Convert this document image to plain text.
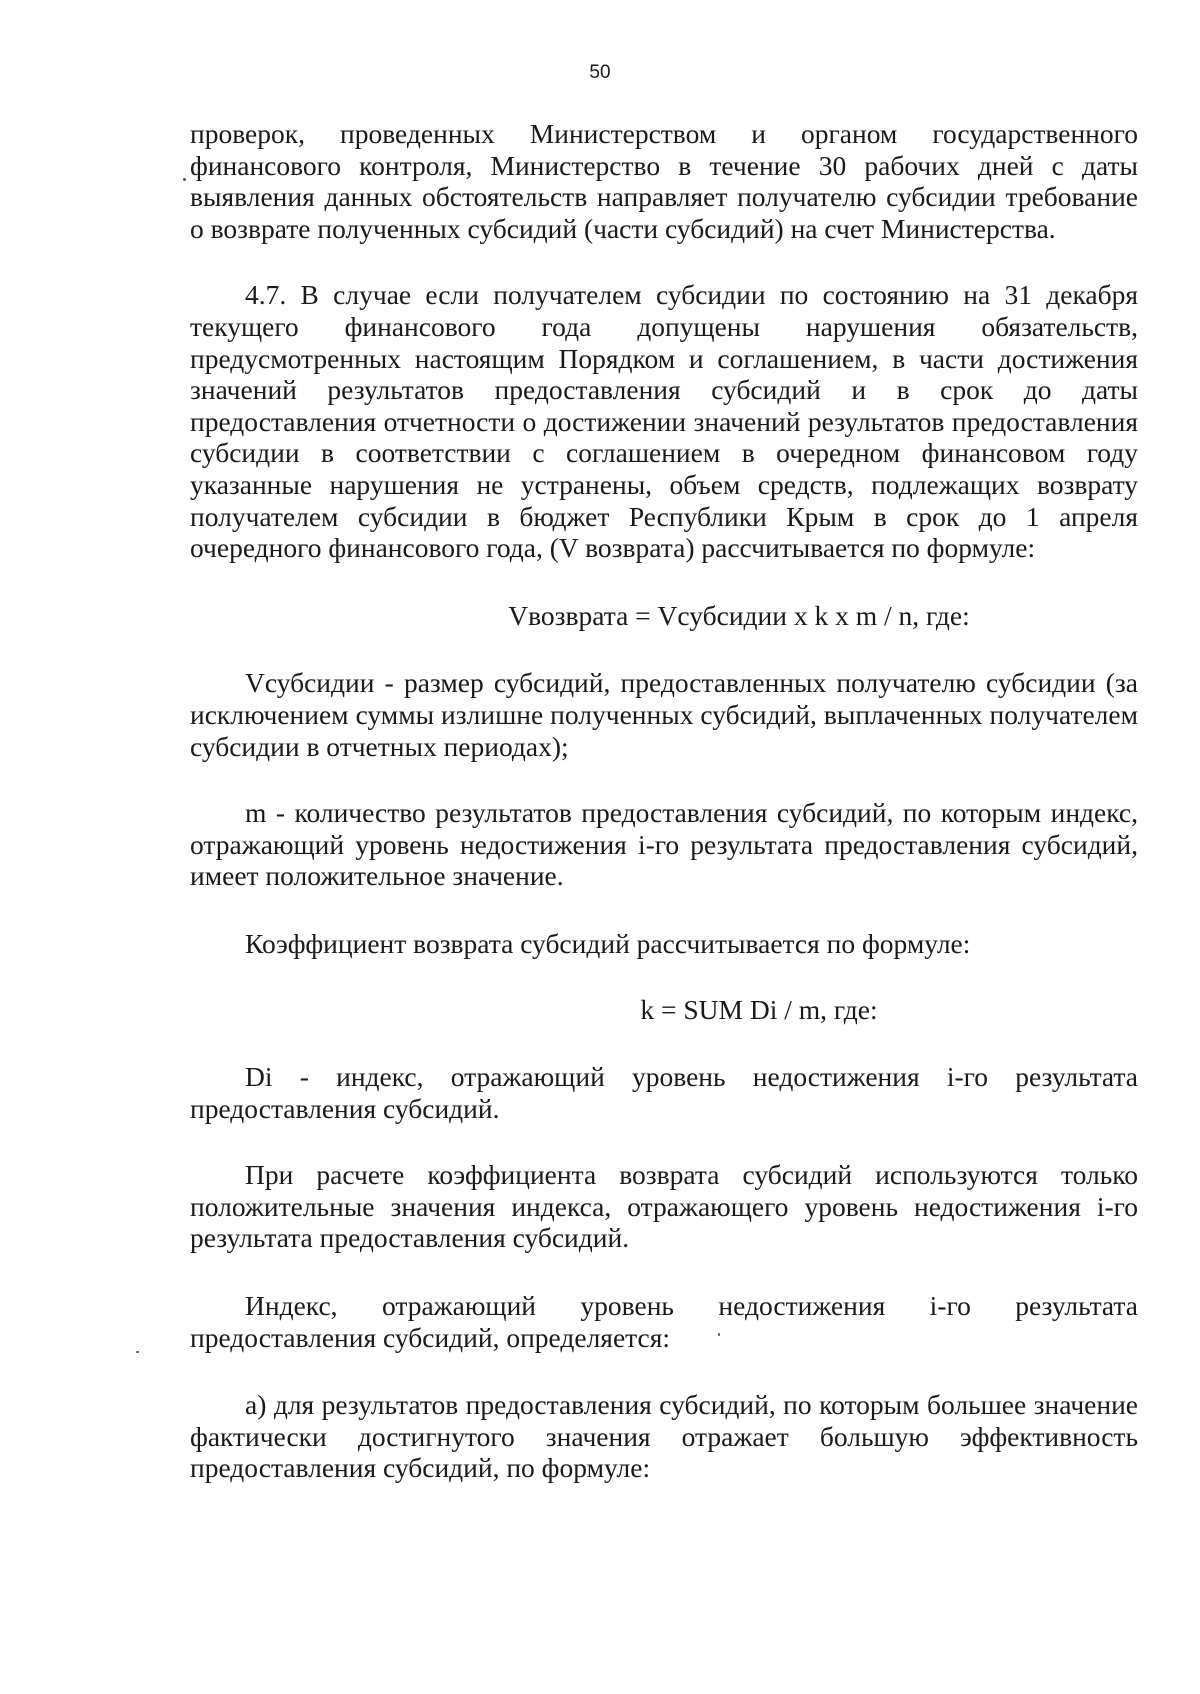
50

проверок, проведенных Министерством и органом государственного финансового контроля, Министерство в течение 30 рабочих дней с даты выявления данных обстоятельств направляет получателю субсидии требование о возврате полученных субсидий (части субсидий) на счет Министерства.

4.7. В случае если получателем субсидии по состоянию на 31 декабря текущего финансового года допущены нарушения обязательств, предусмотренных настоящим Порядком и соглашением, в части достижения значений результатов предоставления субсидий и в срок до даты предоставления отчетности о достижении значений результатов предоставления субсидии в соответствии с соглашением в очередном финансовом году указанные нарушения не устранены, объем средств, подлежащих возврату получателем субсидии в бюджет Республики Крым в срок до 1 апреля очередного финансового года, (V возврата) рассчитывается по формуле:

Vвозврата = Vсубсидии x k x m / n, где:

Vсубсидии - размер субсидий, предоставленных получателю субсидии (за исключением суммы излишне полученных субсидий, выплаченных получателем субсидии в отчетных периодах);

m - количество результатов предоставления субсидий, по которым индекс, отражающий уровень недостижения i-го результата предоставления субсидий, имеет положительное значение.

Коэффициент возврата субсидий рассчитывается по формуле:

k = SUM Di / m, где:

Di - индекс, отражающий уровень недостижения i-го результата предоставления субсидий.

При расчете коэффициента возврата субсидий используются только положительные значения индекса, отражающего уровень недостижения i-го результата предоставления субсидий.

Индекс, отражающий уровень недостижения i-го результата предоставления субсидий, определяется:

а) для результатов предоставления субсидий, по которым большее значение фактически достигнутого значения отражает большую эффективность предоставления субсидий, по формуле:
